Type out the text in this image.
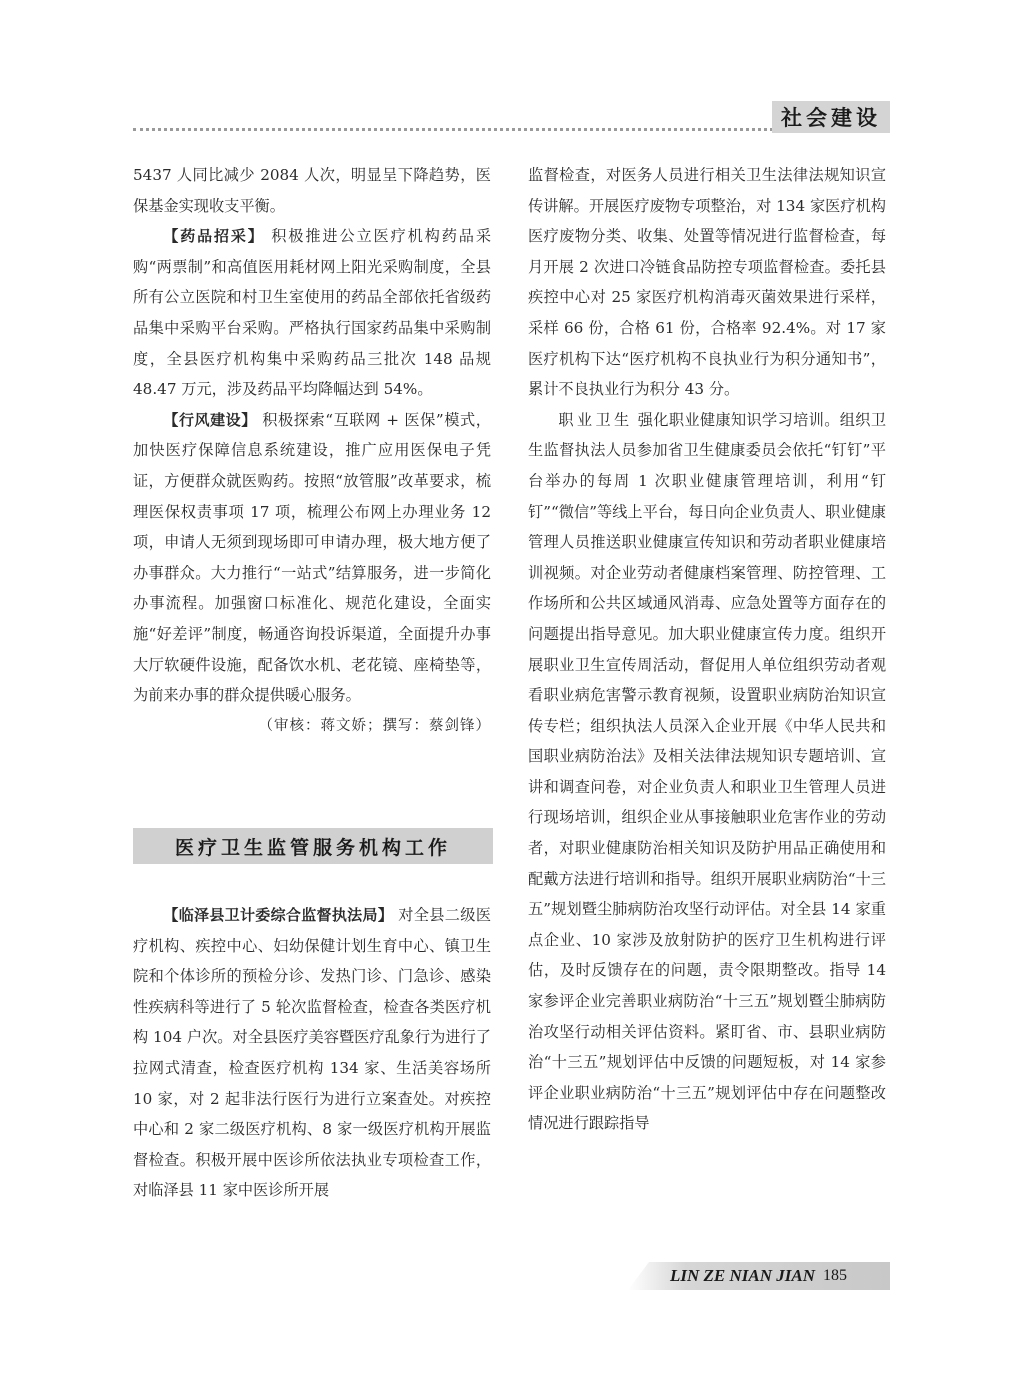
社会建设

5437 人同比减少 2084 人次，明显呈下降趋势，医保基金实现收支平衡。

【药品招采】 积极推进公立医疗机构药品采购“两票制”和高值医用耗材网上阳光采购制度，全县所有公立医院和村卫生室使用的药品全部依托省级药品集中采购平台采购。严格执行国家药品集中采购制度，全县医疗机构集中采购药品三批次 148 品规 48.47 万元，涉及药品平均降幅达到 54%。

【行风建设】 积极探索“互联网 + 医保”模式，加快医疗保障信息系统建设，推广应用医保电子凭证，方便群众就医购药。按照“放管服”改革要求，梳理医保权责事项 17 项，梳理公布网上办理业务 12 项，申请人无须到现场即可申请办理，极大地方便了办事群众。大力推行“一站式”结算服务，进一步简化办事流程。加强窗口标准化、规范化建设，全面实施“好差评”制度，畅通咨询投诉渠道，全面提升办事大厅软硬件设施，配备饮水机、老花镜、座椅垫等，为前来办事的群众提供暖心服务。

（审核：蒋文娇；撰写：蔡剑锋）

医疗卫生监管服务机构工作

【临泽县卫计委综合监督执法局】 对全县二级医疗机构、疾控中心、妇幼保健计划生育中心、镇卫生院和个体诊所的预检分诊、发热门诊、门急诊、感染性疾病科等进行了 5 轮次监督检查，检查各类医疗机构 104 户次。对全县医疗美容暨医疗乱象行为进行了拉网式清查，检查医疗机构 134 家、生活美容场所 10 家，对 2 起非法行医行为进行立案查处。对疾控中心和 2 家二级医疗机构、8 家一级医疗机构开展监督检查。积极开展中医诊所依法执业专项检查工作，对临泽县 11 家中医诊所开展

监督检查，对医务人员进行相关卫生法律法规知识宣传讲解。开展医疗废物专项整治，对 134 家医疗机构医疗废物分类、收集、处置等情况进行监督检查，每月开展 2 次进口冷链食品防控专项监督检查。委托县疾控中心对 25 家医疗机构消毒灭菌效果进行采样，采样 66 份，合格 61 份，合格率 92.4%。对 17 家医疗机构下达“医疗机构不良执业行为积分通知书”，累计不良执业行为积分 43 分。

职业卫生 强化职业健康知识学习培训。组织卫生监督执法人员参加省卫生健康委员会依托“钉钉”平台举办的每周 1 次职业健康管理培训，利用“钉钉”“微信”等线上平台，每日向企业负责人、职业健康管理人员推送职业健康宣传知识和劳动者职业健康培训视频。对企业劳动者健康档案管理、防控管理、工作场所和公共区域通风消毒、应急处置等方面存在的问题提出指导意见。加大职业健康宣传力度。组织开展职业卫生宣传周活动，督促用人单位组织劳动者观看职业病危害警示教育视频，设置职业病防治知识宣传专栏；组织执法人员深入企业开展《中华人民共和国职业病防治法》及相关法律法规知识专题培训、宣讲和调查问卷，对企业负责人和职业卫生管理人员进行现场培训，组织企业从事接触职业危害作业的劳动者，对职业健康防治相关知识及防护用品正确使用和配戴方法进行培训和指导。组织开展职业病防治“十三五”规划暨尘肺病防治攻坚行动评估。对全县 14 家重点企业、10 家涉及放射防护的医疗卫生机构进行评估，及时反馈存在的问题，责令限期整改。指导 14 家参评企业完善职业病防治“十三五”规划暨尘肺病防治攻坚行动相关评估资料。紧盯省、市、县职业病防治“十三五”规划评估中反馈的问题短板，对 14 家参评企业职业病防治“十三五”规划评估中存在问题整改情况进行跟踪指导

LIN ZE NIAN JIAN 185
